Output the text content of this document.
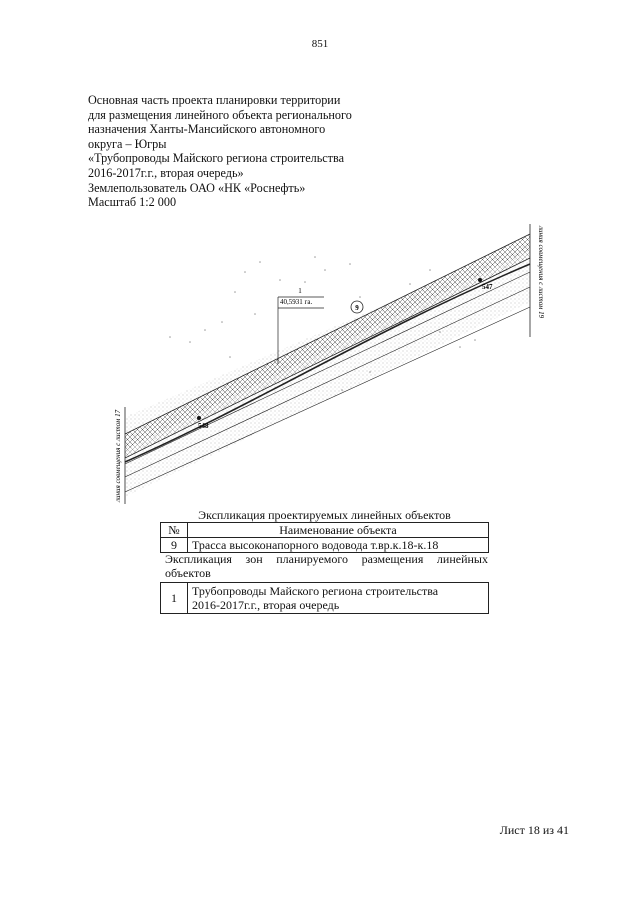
851
Основная часть проекта планировки территории
для размещения линейного объекта регионального
назначения Ханты-Мансийского автономного
округа – Югры
«Трубопроводы Майского региона строительства
2016-2017г.г., вторая очередь»
Землепользователь ОАО «НК «Роснефть»
Масштаб 1:2 000
1
40,5931 га.
9
547
548
линия совмещения с листом 17
линия совмещения с листом 19
Экспликация проектируемых линейных объектов
№	Наименование объекта
9	Трасса высоконапорного водовода т.вр.к.18-к.18
Экспликация зон планируемого размещения линейных объектов
1	Трубопроводы Майского региона строительства
2016-2017г.г., вторая очередь
Лист 18 из 41
